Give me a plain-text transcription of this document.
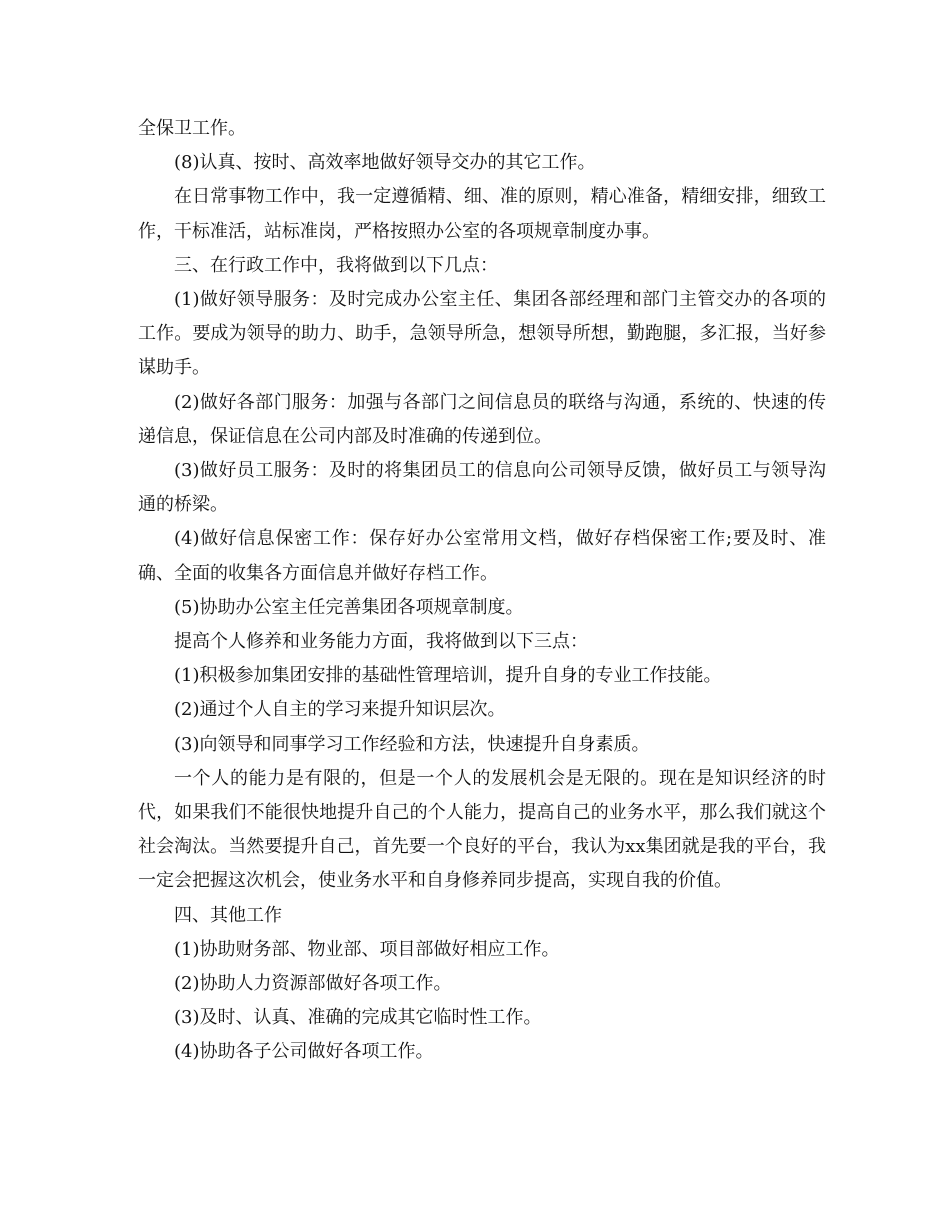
全保卫工作。

(8)认真、按时、高效率地做好领导交办的其它工作。

在日常事物工作中，我一定遵循精、细、准的原则，精心准备，精细安排，细致工作，干标准活，站标准岗，严格按照办公室的各项规章制度办事。

三、在行政工作中，我将做到以下几点：

(1)做好领导服务：及时完成办公室主任、集团各部经理和部门主管交办的各项的工作。要成为领导的助力、助手，急领导所急，想领导所想，勤跑腿，多汇报，当好参谋助手。

(2)做好各部门服务：加强与各部门之间信息员的联络与沟通，系统的、快速的传递信息，保证信息在公司内部及时准确的传递到位。

(3)做好员工服务：及时的将集团员工的信息向公司领导反馈，做好员工与领导沟通的桥梁。

(4)做好信息保密工作：保存好办公室常用文档，做好存档保密工作;要及时、准确、全面的收集各方面信息并做好存档工作。

(5)协助办公室主任完善集团各项规章制度。

提高个人修养和业务能力方面，我将做到以下三点：

(1)积极参加集团安排的基础性管理培训，提升自身的专业工作技能。

(2)通过个人自主的学习来提升知识层次。

(3)向领导和同事学习工作经验和方法，快速提升自身素质。

一个人的能力是有限的，但是一个人的发展机会是无限的。现在是知识经济的时代，如果我们不能很快地提升自己的个人能力，提高自己的业务水平，那么我们就这个社会淘汰。当然要提升自己，首先要一个良好的平台，我认为xx集团就是我的平台，我一定会把握这次机会，使业务水平和自身修养同步提高，实现自我的价值。

四、其他工作

(1)协助财务部、物业部、项目部做好相应工作。

(2)协助人力资源部做好各项工作。

(3)及时、认真、准确的完成其它临时性工作。

(4)协助各子公司做好各项工作。
